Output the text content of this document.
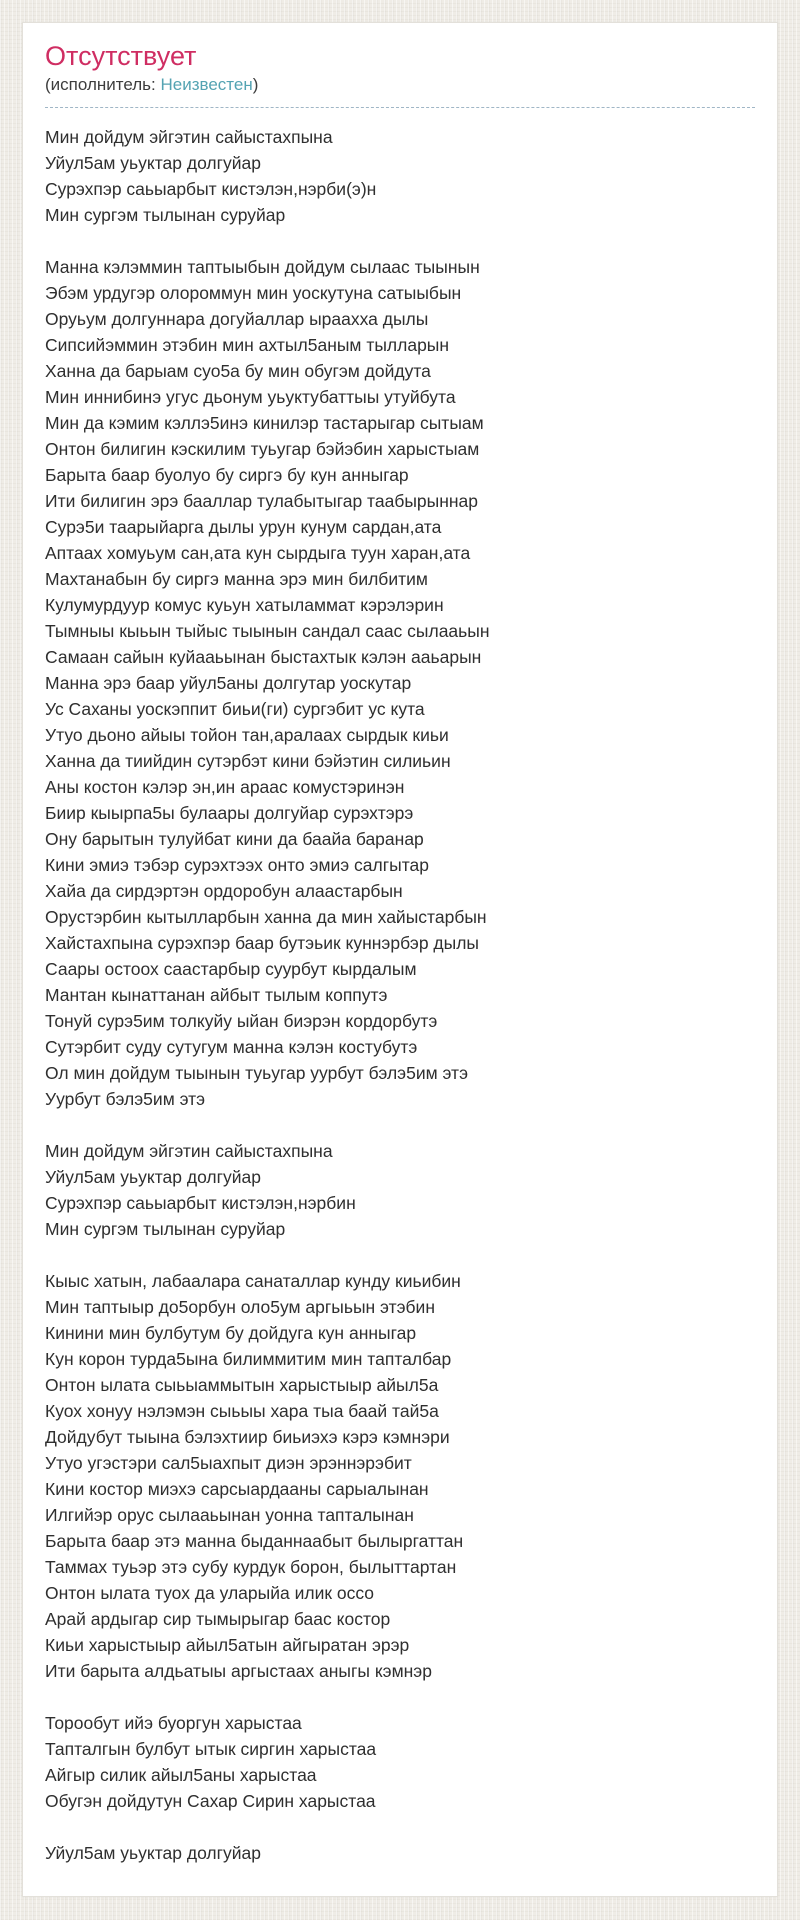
Отсутствует
(исполнитель: Неизвестен)

Мин дойдум эйгэтин сайыстахпына
Уйул5ам уьуктар долгуйар
Сурэхпэр саьыарбыт кистэлэн,нэрби(э)н
Мин сургэм тылынан суруйар

Манна кэлэммин таптыыбын дойдум сылаас тыынын
Эбэм урдугэр олороммун мин уоскутуна сатыыбын
Оруьум долгуннара догуйаллар ыраахха дылы
Сипсийэммин этэбин мин ахтыл5аным тылларын
Ханна да барыам суо5а бу мин обугэм дойдута
Мин иннибинэ угус дьонум уьуктубаттыы утуйбута
Мин да кэмим кэллэ5инэ кинилэр тастарыгар сытыам
Онтон билигин кэскилим туьугар бэйэбин харыстыам
Барыта баар буолуо бу сиргэ бу кун анныгар
Ити билигин эрэ бааллар тулабытыгар таабырыннар
Сурэ5и таарыйарга дылы урун кунум сардан,ата
Аптаах хомуьум сан,ата кун сырдыга туун харан,ата
Махтанабын бу сиргэ манна эрэ мин билбитим
Кулумурдуур комус куьун хатыламмат кэрэлэрин
Тымныы кыьын тыйыс тыынын сандал саас сылааьын
Самаан сайын куйааьынан быстахтык кэлэн ааьарын
Манна эрэ баар уйул5аны долгутар уоскутар
Ус Саханы уоскэппит биьи(ги) сургэбит ус кута
Утуо дьоно айыы тойон тан,аралаах сырдык киьи
Ханна да тиийдин сутэрбэт кини бэйэтин силиьин
Аны костон кэлэр эн,ин араас комустэринэн
Биир кыырпа5ы булаары долгуйар сурэхтэрэ
Ону барытын тулуйбат кини да баайа баранар
Кини эмиэ тэбэр сурэхтээх онто эмиэ салгытар
Хайа да сирдэртэн ордоробун алаастарбын
Орустэрбин кытылларбын ханна да мин хайыстарбын
Хайстахпына сурэхпэр баар бутэьик куннэрбэр дылы
Саары остоох саастарбыр суурбут кырдалым
Мантан кынаттанан айбыт тылым коппутэ
Тонуй сурэ5им толкуйу ыйан биэрэн кордорбутэ
Сутэрбит суду сутугум манна кэлэн костубутэ
Ол мин дойдум тыынын туьугар уурбут бэлэ5им этэ
Уурбут бэлэ5им этэ

Мин дойдум эйгэтин сайыстахпына
Уйул5ам уьуктар долгуйар
Сурэхпэр саьыарбыт кистэлэн,нэрбин
Мин сургэм тылынан суруйар

Кыыс хатын, лабаалара санаталлар кунду киьибин
Мин таптыыр до5орбун оло5ум аргыьын этэбин
Кинини мин булбутум бу дойдуга кун анныгар
Кун корон турда5ына билиммитим мин тапталбар
Онтон ылата сыьыаммытын харыстыыр айыл5а
Куох хонуу нэлэмэн сыьыы хара тыа баай тай5а
Дойдубут тыына бэлэхтиир биьиэхэ кэрэ кэмнэри
Утуо угэстэри сал5ыахпыт диэн эрэннэрэбит
Кини костор миэхэ сарсыардааны сарыалынан
Илгийэр орус сылааьынан уонна тапталынан
Барыта баар этэ манна быданнаабыт былыргаттан
Таммах туьэр этэ субу курдук борон, былыттартан
Онтон ылата туох да уларыйа илик оссо
Арай ардыгар сир тымырыгар баас костор
Киьи харыстыыр айыл5атын айгыратан эрэр
Ити барыта алдьатыы аргыстаах аныгы кэмнэр

Торообут ийэ буоргун харыстаа
Тапталгын булбут ытык сиргин харыстаа
Айгыр силик айыл5аны харыстаа
Обугэн дойдутун Сахар Сирин харыстаа

Уйул5ам уьуктар долгуйар
